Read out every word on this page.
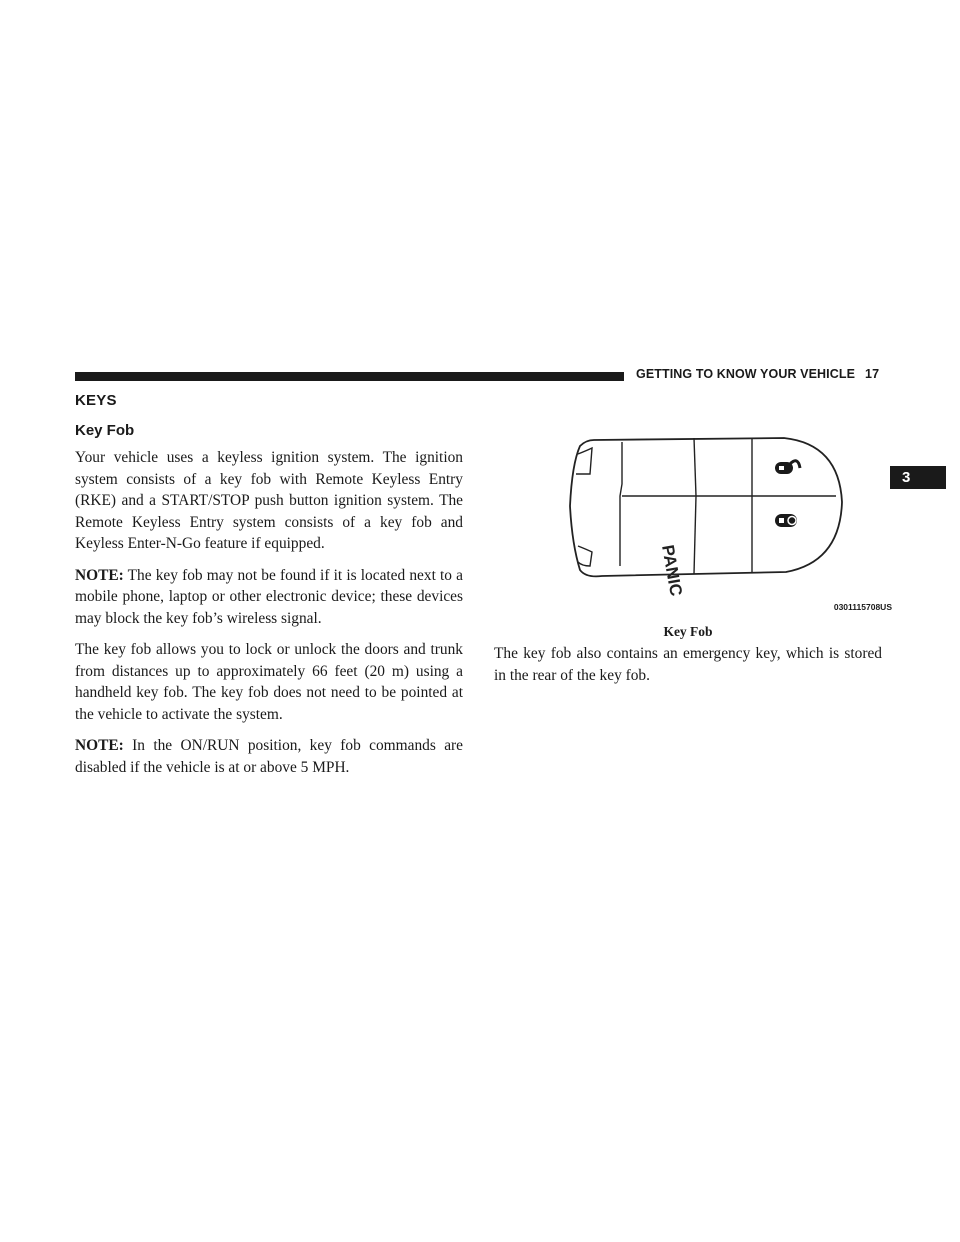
GETTING TO KNOW YOUR VEHICLE 17
3
KEYS
Key Fob

Your vehicle uses a keyless ignition system. The ignition system consists of a key fob with Remote Keyless Entry (RKE) and a START/STOP push button ignition system. The Remote Keyless Entry system consists of a key fob and Keyless Enter-N-Go feature if equipped.

NOTE: The key fob may not be found if it is located next to a mobile phone, laptop or other electronic device; these devices may block the key fob’s wireless signal.

The key fob allows you to lock or unlock the doors and trunk from distances up to approximately 66 feet (20 m) using a handheld key fob. The key fob does not need to be pointed at the vehicle to activate the system.

NOTE: In the ON/RUN position, key fob commands are disabled if the vehicle is at or above 5 MPH.

PANIC
0301115708US
Key Fob

The key fob also contains an emergency key, which is stored in the rear of the key fob.
